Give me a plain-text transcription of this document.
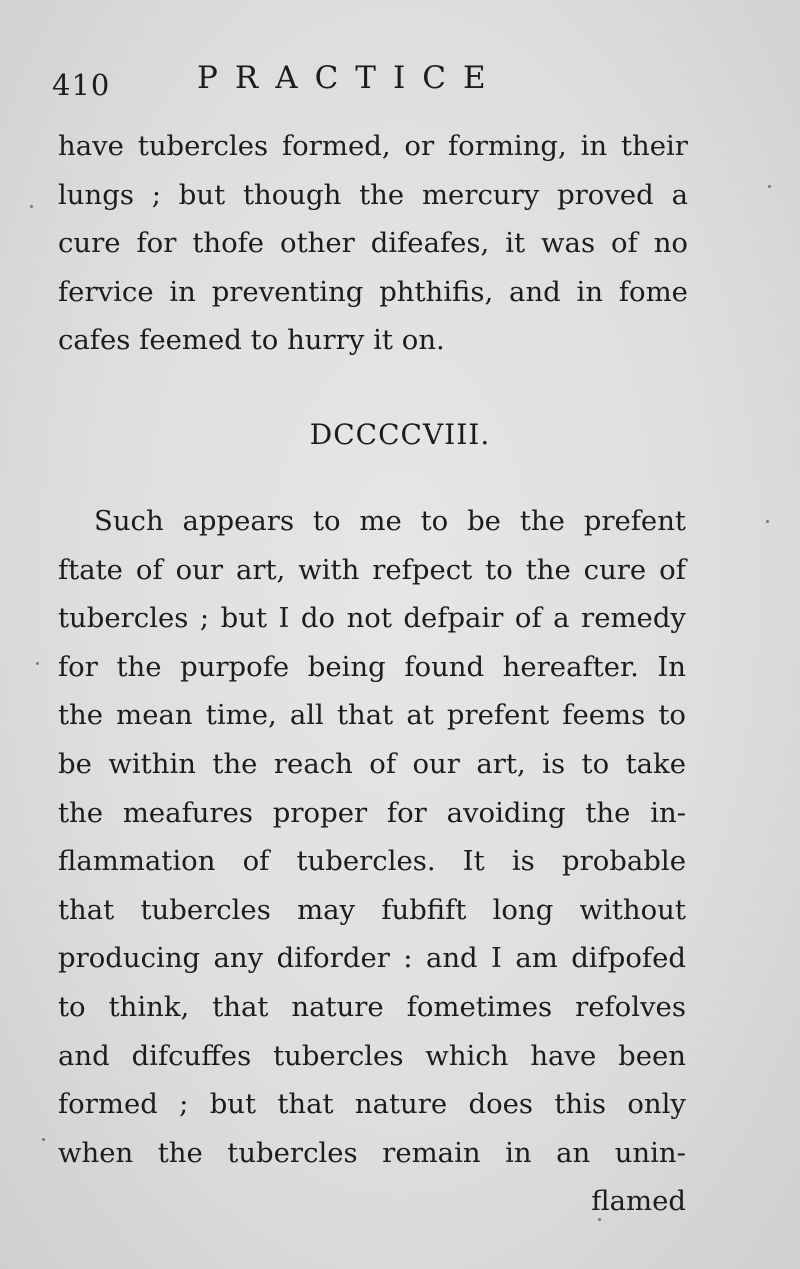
410	PRACTICE
have tubercles formed, or forming, in their
lungs ; but though the mercury proved a
cure for thofe other difeafes, it was of no
fervice in preventing phthifis, and in fome
cafes feemed to hurry it on.
DCCCCVIII.
Such appears to me to be the prefent
ftate of our art, with refpect to the cure of
tubercles ; but I do not defpair of a remedy
for the purpofe being found hereafter. In
the mean time, all that at prefent feems to
be within the reach of our art, is to take
the meafures proper for avoiding the in-
flammation of tubercles. It is probable
that tubercles may fubfift long without
producing any diforder : and I am difpofed
to think, that nature fometimes refolves
and difcuffes tubercles which have been
formed ; but that nature does this only
when the tubercles remain in an unin-
flamed
